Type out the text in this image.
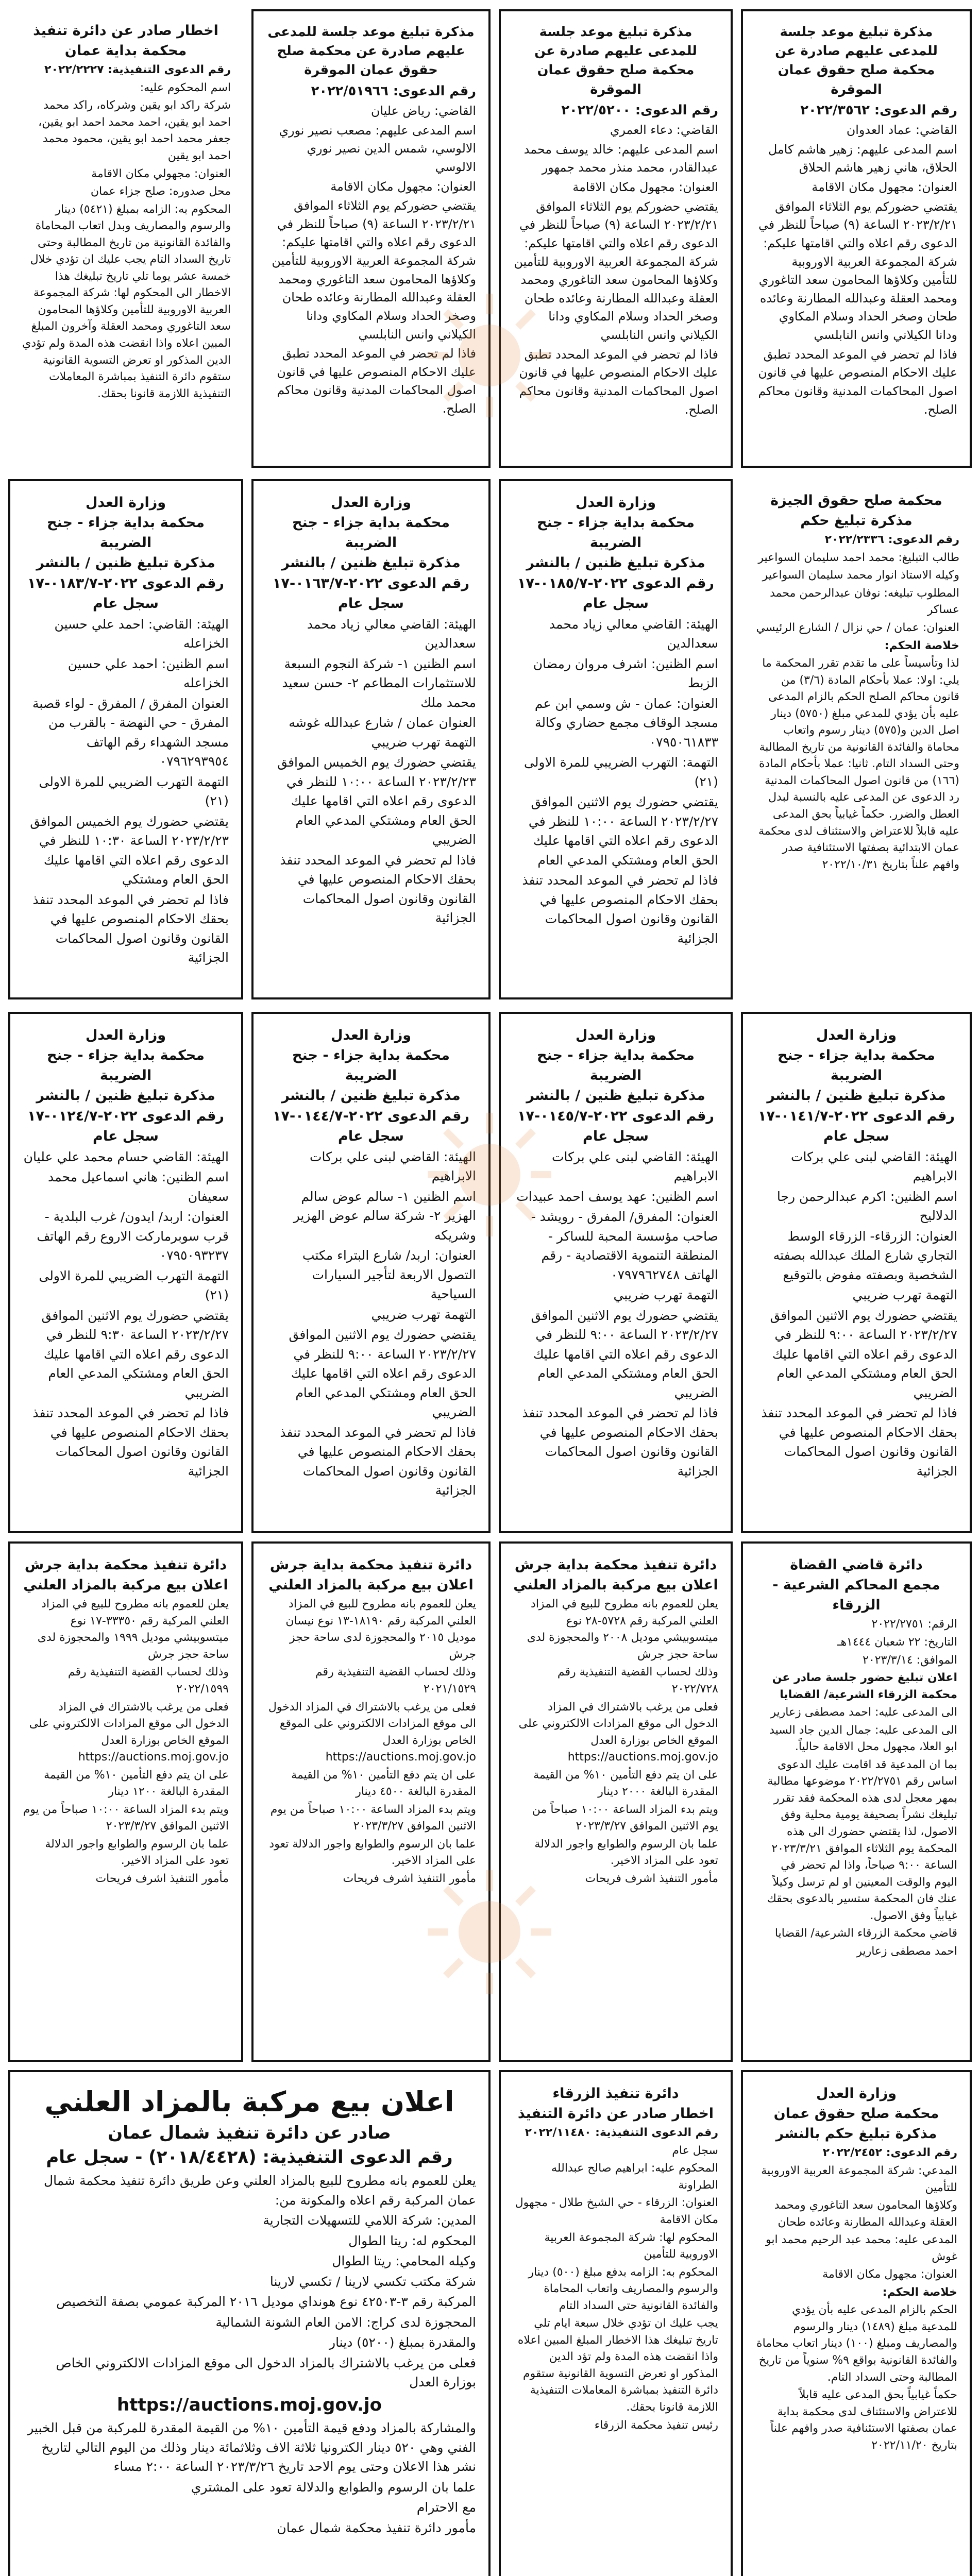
مذكرة تبليغ موعد جلسة للمدعى عليهم صادرة عن محكمة صلح حقوق عمان الموقرة
رقم الدعوى: ٢٠٢٢/٣٥٦٢
القاضي: عماد العدوان
اسم المدعى عليهم: زهير هاشم كامل الحلاق، هاني زهير هاشم الحلاق
العنوان: مجهول مكان الاقامة
يقتضي حضوركم يوم الثلاثاء الموافق ٢٠٢٣/٢/٢١ الساعة (٩) صباحاً للنظر في الدعوى رقم اعلاه والتي اقامتها عليكم: شركة المجموعة العربية الاوروبية للتأمين وكلاؤها المحامون سعد التاغوري ومحمد العقلة وعبدالله المطارنة وعائده طحان وصخر الحداد وسلام المكاوي ودانا الكيلاني وانس النابلسي
فاذا لم تحضر في الموعد المحدد تطبق عليك الاحكام المنصوص عليها في قانون اصول المحاكمات المدنية وقانون محاكم الصلح.
مذكرة تبليغ موعد جلسة للمدعى عليهم صادرة عن محكمة صلح حقوق عمان الموقرة
رقم الدعوى: ٢٠٢٢/٥٢٠٠
القاضي: دعاء العمري
اسم المدعى عليهم: خالد يوسف محمد عبدالقادر، محمد منذر محمد جمهور
العنوان: مجهول مكان الاقامة
يقتضي حضوركم يوم الثلاثاء الموافق ٢٠٢٣/٢/٢١ الساعة (٩) صباحاً للنظر في الدعوى رقم اعلاه والتي اقامتها عليكم: شركة المجموعة العربية الاوروبية للتأمين وكلاؤها المحامون سعد التاغوري ومحمد العقلة وعبدالله المطارنة وعائده طحان وصخر الحداد وسلام المكاوي ودانا الكيلاني وانس النابلسي
فاذا لم تحضر في الموعد المحدد تطبق عليك الاحكام المنصوص عليها في قانون اصول المحاكمات المدنية وقانون محاكم الصلح.
مذكرة تبليغ موعد جلسة للمدعى عليهم صادرة عن محكمة صلح حقوق عمان الموقرة
رقم الدعوى: ٢٠٢٢/٥١٩٦٦
القاضي: رياض عليان
اسم المدعى عليهم: مصعب نصير نوري الالوسي، شمس الدين نصير نوري الالوسي
العنوان: مجهول مكان الاقامة
يقتضي حضوركم يوم الثلاثاء الموافق ٢٠٢٣/٢/٢١ الساعة (٩) صباحاً للنظر في الدعوى رقم اعلاه والتي اقامتها عليكم: شركة المجموعة العربية الاوروبية للتأمين وكلاؤها المحامون سعد التاغوري ومحمد العقلة وعبدالله المطارنة وعائده طحان وصخر الحداد وسلام المكاوي ودانا الكيلاني وانس النابلسي
فاذا لم تحضر في الموعد المحدد تطبق عليك الاحكام المنصوص عليها في قانون اصول المحاكمات المدنية وقانون محاكم الصلح.
اخطار صادر عن دائرة تنفيذ محكمة بداية عمان
رقم الدعوى التنفيذية: ٢٠٢٢/٢٢٢٧
اسم المحكوم عليه:
شركة راكد ابو يقين وشركاه، راكد محمد احمد ابو يقين، احمد محمد احمد ابو يقين، جعفر محمد احمد ابو يقين، محمود محمد احمد ابو يقين
العنوان: مجهولي مكان الاقامة
محل صدوره: صلح جزاء عمان
المحكوم به: الزامه بمبلغ (٥٤٢١) دينار والرسوم والمصاريف وبدل اتعاب المحاماة والفائدة القانونية من تاريخ المطالبة وحتى تاريخ السداد التام يجب عليك ان تؤدي خلال خمسة عشر يوما تلي تاريخ تبليغك هذا الاخطار الى المحكوم لها: شركة المجموعة العربية الاوروبية للتأمين وكلاؤها المحامون سعد التاغوري ومحمد العقلة وآخرون المبلغ المبين اعلاه واذا انقضت هذه المدة ولم تؤدي الدين المذكور او تعرض التسوية القانونية ستقوم دائرة التنفيذ بمباشرة المعاملات التنفيذية اللازمة قانونا بحقك.
محكمة صلح حقوق الجيزة
مذكرة تبليغ حكم
رقم الدعوى: ٢٠٢٢/٢٣٣٦
طالب التبليغ: محمد احمد سليمان السواعير
وكيله الاستاذ انوار محمد سليمان السواعير
المطلوب تبليغه: نوفان عبدالرحمن محمد عساكر
العنوان: عمان / حي نزال / الشارع الرئيسي
خلاصة الحكم:
لذا وتأسيساً على ما تقدم تقرر المحكمة ما يلي: اولا: عملا بأحكام المادة (٣/٦) من قانون محاكم الصلح الحكم بالزام المدعى عليه بأن يؤدي للمدعي مبلغ (٥٧٥٠) دينار اصل الدين و(٥٧٥) دينار رسوم واتعاب محاماة والفائدة القانونية من تاريخ المطالبة وحتى السداد التام. ثانيا: عملا بأحكام المادة (١٦٦) من قانون اصول المحاكمات المدنية رد الدعوى عن المدعى عليه بالنسبة لبدل العطل والضرر. حكماً غيابياً بحق المدعى عليه قابلاً للاعتراض والاستئناف لدى محكمة عمان الابتدائية بصفتها الاستئنافية صدر وافهم علناً بتاريخ ٢٠٢٢/١٠/٣١
وزارة العدل
محكمة بداية جزاء - جنح الضريبة
مذكرة تبليغ ظنين / بالنشر
رقم الدعوى ٢٠٢٢-٠١٨٥/٧-١٧
سجل عام
الهيئة: القاضي معالي زياد محمد سعدالدين
اسم الظنين: اشرف مروان رمضان الزبط
العنوان: عمان - ش وسمي ابن عم مسجد الوقاف مجمع حضاري وكالة ٠٧٩٥٠٦١٨٣٣
التهمة: التهرب الضريبي للمرة الاولى (٢١)
يقتضي حضورك يوم الاثنين الموافق ٢٠٢٣/٢/٢٧ الساعة ١٠:٠٠ للنظر في الدعوى رقم اعلاه التي اقامها عليك الحق العام ومشتكي المدعي العام
فاذا لم تحضر في الموعد المحدد تنفذ بحقك الاحكام المنصوص عليها في القانون وقانون اصول المحاكمات الجزائية
وزارة العدل
محكمة بداية جزاء - جنح الضريبة
مذكرة تبليغ ظنين / بالنشر
رقم الدعوى ٢٠٢٢-٠١٦٣/٧-١٧
سجل عام
الهيئة: القاضي معالي زياد محمد سعدالدين
اسم الظنين ١- شركة النجوم السبعة للاستثمارات المطاعم ٢- حسن سعيد محمد ملك
العنوان عمان / شارع عبدالله غوشه التهمة تهرب ضريبي
يقتضي حضورك يوم الخميس الموافق ٢٠٢٣/٢/٢٣ الساعة ١٠:٠٠ للنظر في الدعوى رقم اعلاه التي اقامها عليك الحق العام ومشتكي المدعي العام الضريبي
فاذا لم تحضر في الموعد المحدد تنفذ بحقك الاحكام المنصوص عليها في القانون وقانون اصول المحاكمات الجزائية
وزارة العدل
محكمة بداية جزاء - جنح الضريبة
مذكرة تبليغ ظنين / بالنشر
رقم الدعوى ٢٠٢٢-٠١٨٣/٧-١٧
سجل عام
الهيئة: القاضي: احمد علي حسين الخزاعله
اسم الظنين: احمد علي حسين الخزاعله
العنوان المفرق / المفرق - لواء قصبة المفرق - حي النهضة - بالقرب من مسجد الشهداء رقم الهاتف ٠٧٩٦٢٩٣٩٥٤
التهمة التهرب الضريبي للمرة الاولى (٢١)
يقتضي حضورك يوم الخميس الموافق ٢٠٢٣/٢/٢٣ الساعة ١٠:٣٠ للنظر في الدعوى رقم اعلاه التي اقامها عليك الحق العام ومشتكي
فاذا لم تحضر في الموعد المحدد تنفذ بحقك الاحكام المنصوص عليها في القانون وقانون اصول المحاكمات الجزائية
وزارة العدل
محكمة بداية جزاء - جنح الضريبة
مذكرة تبليغ ظنين / بالنشر
رقم الدعوى ٢٠٢٢-٠١٤١/٧-١٧
سجل عام
الهيئة: القاضي لبنى علي بركات الابراهيم
اسم الظنين: اكرم عبدالرحمن رجا الدلاليح
العنوان: الزرقاء- الزرقاء الوسط التجاري شارع الملك عبدالله بصفته الشخصية وبصفته مفوض بالتوقيع
التهمة تهرب ضريبي
يقتضي حضورك يوم الاثنين الموافق ٢٠٢٣/٢/٢٧ الساعة ٩:٠٠ للنظر في الدعوى رقم اعلاه التي اقامها عليك الحق العام ومشتكي المدعي العام الضريبي
فاذا لم تحضر في الموعد المحدد تنفذ بحقك الاحكام المنصوص عليها في القانون وقانون اصول المحاكمات الجزائية
وزارة العدل
محكمة بداية جزاء - جنح الضريبة
مذكرة تبليغ ظنين / بالنشر
رقم الدعوى ٢٠٢٢-٠١٤٥/٧-١٧
سجل عام
الهيئة: القاضي لبنى علي بركات الابراهيم
اسم الظنين: عهد يوسف احمد عبيدات
العنوان: المفرق/ المفرق - رويشد - صاحب مؤسسة المحبة للساكر - المنطقة التنموية الاقتصادية - رقم الهاتف ٠٧٩٧٩٦٢٧٤٨
التهمة تهرب ضريبي
يقتضي حضورك يوم الاثنين الموافق ٢٠٢٣/٢/٢٧ الساعة ٩:٠٠ للنظر في الدعوى رقم اعلاه التي اقامها عليك الحق العام ومشتكي المدعي العام الضريبي
فاذا لم تحضر في الموعد المحدد تنفذ بحقك الاحكام المنصوص عليها في القانون وقانون اصول المحاكمات الجزائية
وزارة العدل
محكمة بداية جزاء - جنح الضريبة
مذكرة تبليغ ظنين / بالنشر
رقم الدعوى ٢٠٢٢-٠١٤٤/٧-١٧
سجل عام
الهيئة: القاضي لبنى علي بركات الابراهيم
اسم الظنين ١- سالم عوض سالم الهزير ٢- شركة سالم عوض الهزير وشريكه
العنوان: اربد/ شارع البتراء مكتب التصول الاربعة لتأجير السيارات السياحية
التهمة تهرب ضريبي
يقتضي حضورك يوم الاثنين الموافق ٢٠٢٣/٢/٢٧ الساعة ٩:٠٠ للنظر في الدعوى رقم اعلاه التي اقامها عليك الحق العام ومشتكي المدعي العام الضريبي
فاذا لم تحضر في الموعد المحدد تنفذ بحقك الاحكام المنصوص عليها في القانون وقانون اصول المحاكمات الجزائية
وزارة العدل
محكمة بداية جزاء - جنح الضريبة
مذكرة تبليغ ظنين / بالنشر
رقم الدعوى ٢٠٢٢-٠١٢٤/٧-١٧
سجل عام
الهيئة: القاضي حسام محمد علي عليان
اسم الظنين: هاني اسماعيل محمد سعيفان
العنوان: اربد/ ايدون/ غرب البلدية - قرب سوبرماركت الاروع رقم الهاتف ٠٧٩٥٠٩٣٢٣٧
التهمة التهرب الضريبي للمرة الاولى (٢١)
يقتضي حضورك يوم الاثنين الموافق ٢٠٢٣/٢/٢٧ الساعة ٩:٣٠ للنظر في الدعوى رقم اعلاه التي اقامها عليك الحق العام ومشتكي المدعي العام الضريبي
فاذا لم تحضر في الموعد المحدد تنفذ بحقك الاحكام المنصوص عليها في القانون وقانون اصول المحاكمات الجزائية
دائرة قاضي القضاة
مجمع المحاكم الشرعية - الزرقاء
الرقم: ٢٠٢٢/٢٧٥١
التاريخ: ٢٢ شعبان ١٤٤٤هـ
الموافق: ٢٠٢٣/٣/١٤
اعلان تبليغ حضور جلسة صادر عن محكمة الزرقاء الشرعية/ القضايا
الى المدعى عليه: احمد مصطفى زعارير
الى المدعى عليه: جمال الدين جاد السيد ابو العلا، مجهول محل الاقامة حالياً.
بما ان المدعية قد اقامت عليك الدعوى اساس رقم ٢٠٢٢/٢٧٥١ موضوعها مطالبة بمهر معجل لدى هذه المحكمة فقد تقرر تبليغك نشراً بصحيفة يومية محلية وفق الاصول، لذا يقتضي حضورك الى هذه المحكمة يوم الثلاثاء الموافق ٢٠٢٣/٣/٢١ الساعة ٩:٠٠ صباحاً، واذا لم تحضر في اليوم والوقت المعينين او لم ترسل وكيلاً عنك فان المحكمة ستسير بالدعوى بحقك غيابياً وفق الاصول.
قاضي محكمة الزرقاء الشرعية/ القضايا
احمد مصطفى زعارير
دائرة تنفيذ محكمة بداية جرش
اعلان بيع مركبة بالمزاد العلني
يعلن للعموم بانه مطروح للبيع في المزاد العلني المركبة رقم ٥٧٢٨-٢٨ نوع ميتسوبيشي موديل ٢٠٠٨ والمحجوزة لدى ساحة حجز جرش
وذلك لحساب القضية التنفيذية رقم ٢٠٢٢/٧٢٨
فعلى من يرغب بالاشتراك في المزاد الدخول الى موقع المزادات الالكتروني على الموقع الخاص بوزارة العدل https://auctions.moj.gov.jo
على ان يتم دفع التأمين ١٠% من القيمة المقدرة البالغة ٢٠٠٠ دينار
ويتم بدء المزاد الساعة ١٠:٠٠ صباحاً من يوم الاثنين الموافق ٢٠٢٣/٣/٢٧
علما بان الرسوم والطوابع واجور الدلالة تعود على المزاد الاخير.
مأمور التنفيذ اشرف فريحات
دائرة تنفيذ محكمة بداية جرش
اعلان بيع مركبة بالمزاد العلني
يعلن للعموم بانه مطروح للبيع في المزاد العلني المركبة رقم ١٨١٩٠-١٣ نوع نيسان موديل ٢٠١٥ والمحجوزة لدى ساحة حجز جرش
وذلك لحساب القضية التنفيذية رقم ٢٠٢١/١٥٢٩
فعلى من يرغب بالاشتراك في المزاد الدخول الى موقع المزادات الالكتروني على الموقع الخاص بوزارة العدل https://auctions.moj.gov.jo
على ان يتم دفع التأمين ١٠% من القيمة المقدرة البالغة ٤٥٠٠ دينار
ويتم بدء المزاد الساعة ١٠:٠٠ صباحاً من يوم الاثنين الموافق ٢٠٢٣/٣/٢٧
علما بان الرسوم والطوابع واجور الدلالة تعود على المزاد الاخير.
مأمور التنفيذ اشرف فريحات
دائرة تنفيذ محكمة بداية جرش
اعلان بيع مركبة بالمزاد العلني
يعلن للعموم بانه مطروح للبيع في المزاد العلني المركبة رقم ٣٣٣٥٠-١٧ نوع ميتسوبيشي موديل ١٩٩٩ والمحجوزة لدى ساحة حجز جرش
وذلك لحساب القضية التنفيذية رقم ٢٠٢٢/١٥٩٩
فعلى من يرغب بالاشتراك في المزاد الدخول الى موقع المزادات الالكتروني على الموقع الخاص بوزارة العدل https://auctions.moj.gov.jo
على ان يتم دفع التأمين ١٠% من القيمة المقدرة البالغة ١٢٠٠ دينار
ويتم بدء المزاد الساعة ١٠:٠٠ صباحاً من يوم الاثنين الموافق ٢٠٢٣/٣/٢٧
علما بان الرسوم والطوابع واجور الدلالة تعود على المزاد الاخير.
مأمور التنفيذ اشرف فريحات
وزارة العدل
محكمة صلح حقوق عمان
مذكرة تبليغ حكم بالنشر
رقم الدعوى: ٢٠٢٢/٢٤٥٢
المدعي: شركة المجموعة العربية الاوروبية للتأمين
وكلاؤها المحامون سعد التاغوري ومحمد العقلة وعبدالله المطارنة وعائده طحان
المدعى عليه: محمد عبد الرحيم محمد ابو غوش
العنوان: مجهول مكان الاقامة
خلاصة الحكم:
الحكم بالزام المدعى عليه بأن يؤدي للمدعية مبلغ (١٤٨٩) دينار والرسوم والمصاريف ومبلغ (١٠٠) دينار اتعاب محاماة والفائدة القانونية بواقع ٩% سنوياً من تاريخ المطالبة وحتى السداد التام.
حكماً غيابياً بحق المدعى عليه قابلاً للاعتراض والاستئناف لدى محكمة بداية عمان بصفتها الاستئنافية صدر وافهم علناً بتاريخ ٢٠٢٢/١١/٢٠
دائرة تنفيذ الزرقاء
اخطار صادر عن دائرة التنفيذ
رقم الدعوى التنفيذية: ٢٠٢٢/١١٤٨٠
سجل عام
المحكوم عليه: ابراهيم صالح عبدالله الطراونة
العنوان: الزرقاء - حي الشيخ طلال - مجهول مكان الاقامة
المحكوم لها: شركة المجموعة العربية الاوروبية للتأمين
المحكوم به: الزامه بدفع مبلغ (٥٠٠) دينار والرسوم والمصاريف واتعاب المحاماة والفائدة القانونية حتى السداد التام
يجب عليك ان تؤدي خلال سبعة ايام تلي تاريخ تبليغك هذا الاخطار المبلغ المبين اعلاه واذا انقضت هذه المدة ولم تؤد الدين المذكور او تعرض التسوية القانونية ستقوم دائرة التنفيذ بمباشرة المعاملات التنفيذية اللازمة قانونا بحقك.
رئيس تنفيذ محكمة الزرقاء
اعلان بيع مركبة بالمزاد العلني
صادر عن دائرة تنفيذ شمال عمان
رقم الدعوى التنفيذية: (٢٠١٨/٤٤٢٨) - سجل عام
يعلن للعموم بانه مطروح للبيع بالمزاد العلني وعن طريق دائرة تنفيذ محكمة شمال عمان المركبة رقم اعلاه والمكونة من:
المدين: شركة اللامي للتسهيلات التجارية
المحكوم له: ريتا الطوال
وكيله المحامي: ريتا الطوال
شركة مكتب تكسي لارينا / تكسي لارينا
المركبة رقم ٣-٤٢٥٠٣ نوع هونداي موديل ٢٠١٦ المركبة عمومي بصفة التخصيص
المحجوزة لدى كراج: الامن العام الشونة الشمالية
والمقدرة بمبلغ (٥٢٠٠) دينار
فعلى من يرغب بالاشتراك بالمزاد الدخول الى موقع المزادات الالكتروني الخاص بوزارة العدل
https://auctions.moj.gov.jo
والمشاركة بالمزاد ودفع قيمة التأمين ١٠% من القيمة المقدرة للمركبة من قبل الخبير الفني وهي ٥٢٠ دينار الكترونيا ثلاثة الاف وثلاثمائة دينار وذلك من اليوم التالي لتاريخ نشر هذا الاعلان وحتى يوم الاحد تاريخ ٢٠٢٣/٣/٢٦ الساعة ٢:٠٠ مساء
علما بان الرسوم والطوابع والدلالة تعود على المشتري
مع الاحترام
مأمور دائرة تنفيذ محكمة شمال عمان
